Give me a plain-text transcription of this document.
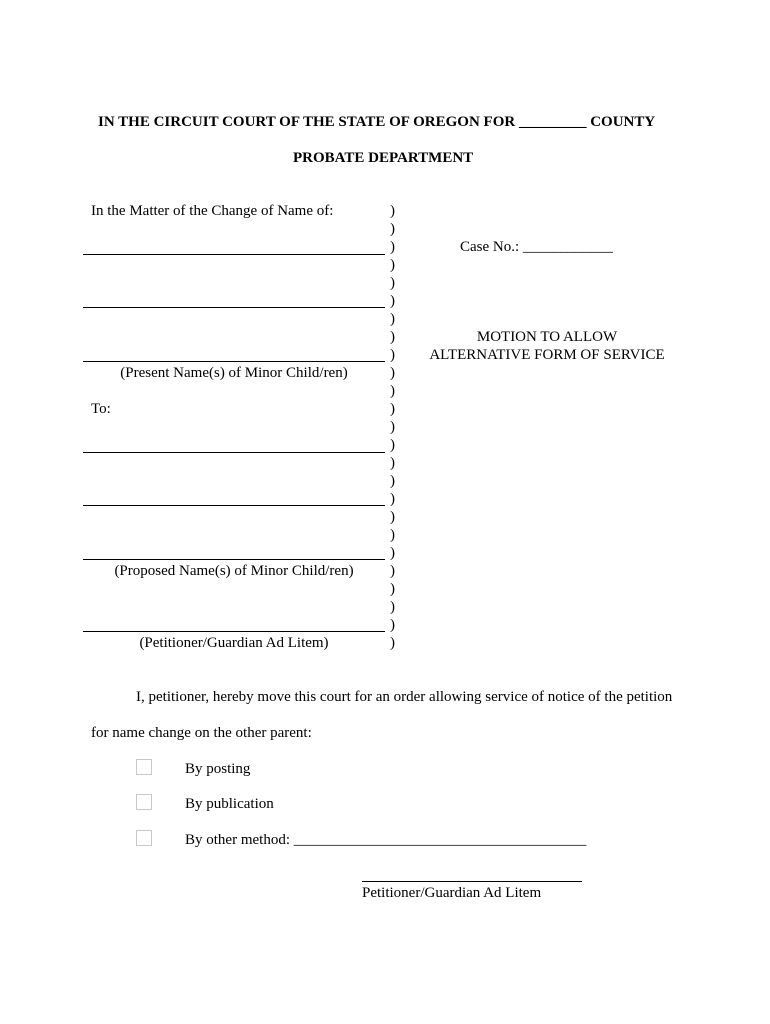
IN THE CIRCUIT COURT OF THE STATE OF OREGON FOR _________ COUNTY
PROBATE DEPARTMENT
In the Matter of the Change of Name of:
(Present Name(s) of Minor Child/ren)
To:
(Proposed Name(s) of Minor Child/ren)
(Petitioner/Guardian Ad Litem)
)
)
)
)
)
)
)
)
)
)
)
)
)
)
)
)
)
)
)
)
)
)
)
)
)
Case No.: ____________
MOTION TO ALLOW
ALTERNATIVE FORM OF SERVICE
I, petitioner, hereby move this court for an order allowing service of notice of the petition
for name change on the other parent:
By posting
By publication
By other method: _______________________________________
Petitioner/Guardian Ad Litem
